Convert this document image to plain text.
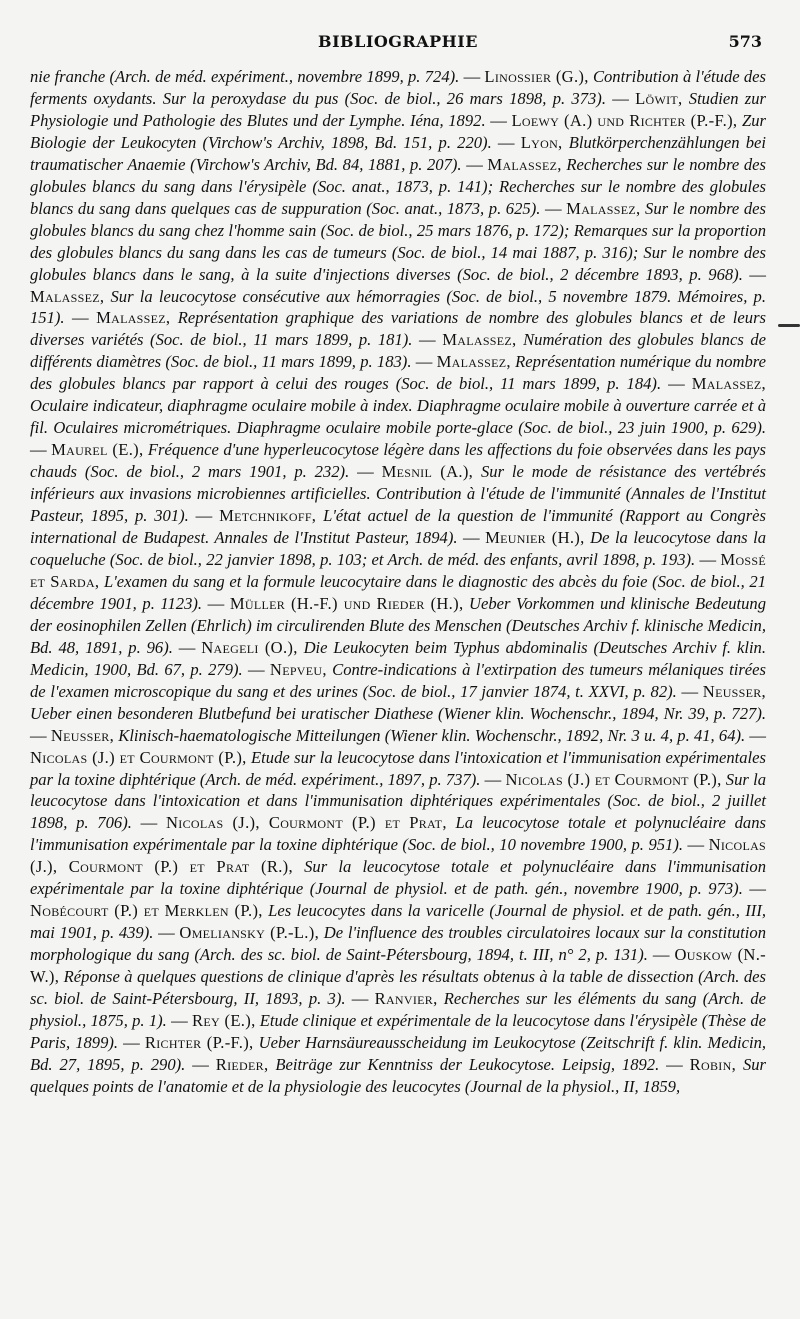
BIBLIOGRAPHIE	573

nie franche (Arch. de méd. expériment., novembre 1899, p. 724). — Linossier (G.), Contribution à l'étude des ferments oxydants. Sur la peroxydase du pus (Soc. de biol., 26 mars 1898, p. 373). — Löwit, Studien zur Physiologie und Pathologie des Blutes und der Lymphe. Iéna, 1892. — Loewy (A.) und Richter (P.-F.), Zur Biologie der Leukocyten (Virchow's Archiv, 1898, Bd. 151, p. 220). — Lyon, Blutkörperchenzählungen bei traumatischer Anaemie (Virchow's Archiv, Bd. 84, 1881, p. 207). — Malassez, Recherches sur le nombre des globules blancs du sang dans l'érysipèle (Soc. anat., 1873, p. 141); Recherches sur le nombre des globules blancs du sang dans quelques cas de suppuration (Soc. anat., 1873, p. 625). — Malassez, Sur le nombre des globules blancs du sang chez l'homme sain (Soc. de biol., 25 mars 1876, p. 172); Remarques sur la proportion des globules blancs du sang dans les cas de tumeurs (Soc. de biol., 14 mai 1887, p. 316); Sur le nombre des globules blancs dans le sang, à la suite d'injections diverses (Soc. de biol., 2 décembre 1893, p. 968). — Malassez, Sur la leucocytose consécutive aux hémorragies (Soc. de biol., 5 novembre 1879. Mémoires, p. 151). — Malassez, Représentation graphique des variations de nombre des globules blancs et de leurs diverses variétés (Soc. de biol., 11 mars 1899, p. 181). — Malassez, Numération des globules blancs de différents diamètres (Soc. de biol., 11 mars 1899, p. 183). — Malassez, Représentation numérique du nombre des globules blancs par rapport à celui des rouges (Soc. de biol., 11 mars 1899, p. 184). — Malassez, Oculaire indicateur, diaphragme oculaire mobile à index. Diaphragme oculaire mobile à ouverture carrée et à fil. Oculaires micrométriques. Diaphragme oculaire mobile porte-glace (Soc. de biol., 23 juin 1900, p. 629). — Maurel (E.), Fréquence d'une hyperleucocytose légère dans les affections du foie observées dans les pays chauds (Soc. de biol., 2 mars 1901, p. 232). — Mesnil (A.), Sur le mode de résistance des vertébrés inférieurs aux invasions microbiennes artificielles. Contribution à l'étude de l'immunité (Annales de l'Institut Pasteur, 1895, p. 301). — Metchnikoff, L'état actuel de la question de l'immunité (Rapport au Congrès international de Budapest. Annales de l'Institut Pasteur, 1894). — Meunier (H.), De la leucocytose dans la coqueluche (Soc. de biol., 22 janvier 1898, p. 103; et Arch. de méd. des enfants, avril 1898, p. 193). — Mossé et Sarda, L'examen du sang et la formule leucocytaire dans le diagnostic des abcès du foie (Soc. de biol., 21 décembre 1901, p. 1123). — Müller (H.-F.) und Rieder (H.), Ueber Vorkommen und klinische Bedeutung der eosinophilen Zellen (Ehrlich) im circulirenden Blute des Menschen (Deutsches Archiv f. klinische Medicin, Bd. 48, 1891, p. 96). — Naegeli (O.), Die Leukocyten beim Typhus abdominalis (Deutsches Archiv f. klin. Medicin, 1900, Bd. 67, p. 279). — Nepveu, Contre-indications à l'extirpation des tumeurs mélaniques tirées de l'examen microscopique du sang et des urines (Soc. de biol., 17 janvier 1874, t. XXVI, p. 82). — Neusser, Ueber einen besonderen Blutbefund bei uratischer Diathese (Wiener klin. Wochenschr., 1894, Nr. 39, p. 727). — Neusser, Klinisch-haematologische Mitteilungen (Wiener klin. Wochenschr., 1892, Nr. 3 u. 4, p. 41, 64). — Nicolas (J.) et Courmont (P.), Etude sur la leucocytose dans l'intoxication et l'immunisation expérimentales par la toxine diphtérique (Arch. de méd. expériment., 1897, p. 737). — Nicolas (J.) et Courmont (P.), Sur la leucocytose dans l'intoxication et dans l'immunisation diphtériques expérimentales (Soc. de biol., 2 juillet 1898, p. 706). — Nicolas (J.), Courmont (P.) et Prat, La leucocytose totale et polynucléaire dans l'immunisation expérimentale par la toxine diphtérique (Soc. de biol., 10 novembre 1900, p. 951). — Nicolas (J.), Courmont (P.) et Prat (R.), Sur la leucocytose totale et polynucléaire dans l'immunisation expérimentale par la toxine diphtérique (Journal de physiol. et de path. gén., novembre 1900, p. 973). — Nobécourt (P.) et Merklen (P.), Les leucocytes dans la varicelle (Journal de physiol. et de path. gén., III, mai 1901, p. 439). — Omeliansky (P.-L.), De l'influence des troubles circulatoires locaux sur la constitution morphologique du sang (Arch. des sc. biol. de Saint-Pétersbourg, 1894, t. III, n° 2, p. 131). — Ouskow (N.-W.), Réponse à quelques questions de clinique d'après les résultats obtenus à la table de dissection (Arch. des sc. biol. de Saint-Pétersbourg, II, 1893, p. 3). — Ranvier, Recherches sur les éléments du sang (Arch. de physiol., 1875, p. 1). — Rey (E.), Etude clinique et expérimentale de la leucocytose dans l'érysipèle (Thèse de Paris, 1899). — Richter (P.-F.), Ueber Harnsäureausscheidung im Leukocytose (Zeitschrift f. klin. Medicin, Bd. 27, 1895, p. 290). — Rieder, Beiträge zur Kenntniss der Leukocytose. Leipsig, 1892. — Robin, Sur quelques points de l'anatomie et de la physiologie des leucocytes (Journal de la physiol., II, 1859,
